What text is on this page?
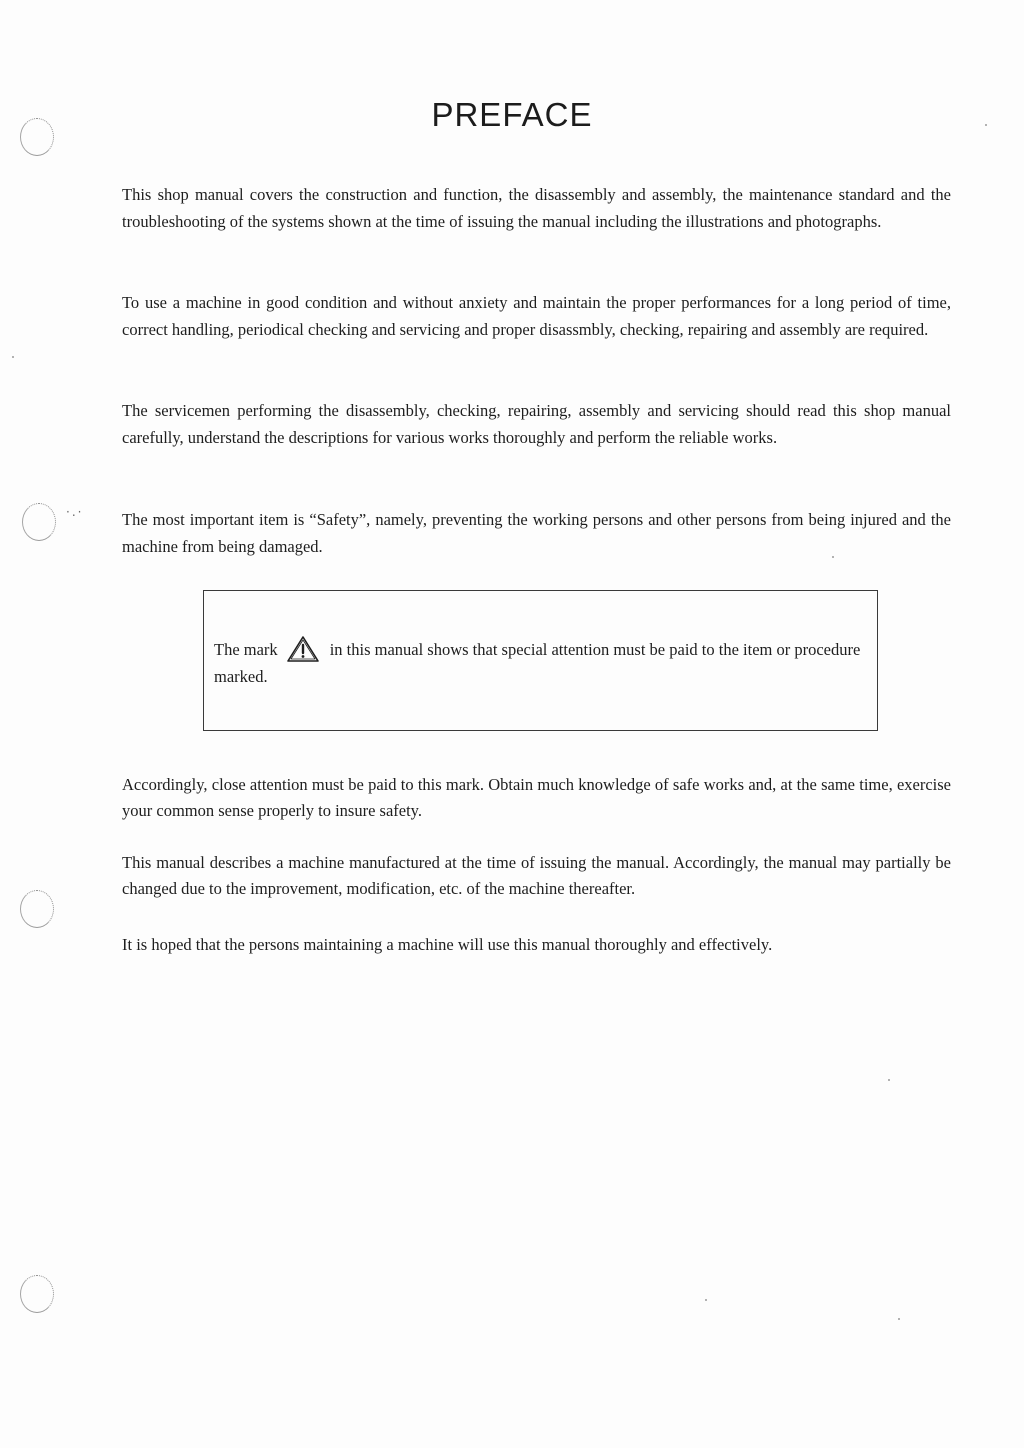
·.·
PREFACE

This shop manual covers the construction and function, the disassembly and assembly, the maintenance standard and the troubleshooting of the systems shown at the time of issuing the manual including the illustrations and photographs.

To use a machine in good condition and without anxiety and maintain the proper performances for a long period of time, correct handling, periodical checking and servicing and proper disassmbly, checking, repairing and assembly are required.

The servicemen performing the disassembly, checking, repairing, assembly and servicing should read this shop manual carefully, understand the descriptions for various works thoroughly and perform the reliable works.

The most important item is “Safety”, namely, preventing the working persons and other persons from being injured and the machine from being damaged.

The mark	in this manual shows that special attention must be paid to the item or procedure marked.

Accordingly, close attention must be paid to this mark. Obtain much knowledge of safe works and, at the same time, exercise your common sense properly to insure safety.

This manual describes a machine manufactured at the time of issuing the manual. Accordingly, the manual may partially be changed due to the improvement, modification, etc. of the machine thereafter.

It is hoped that the persons maintaining a machine will use this manual thoroughly and effectively.
